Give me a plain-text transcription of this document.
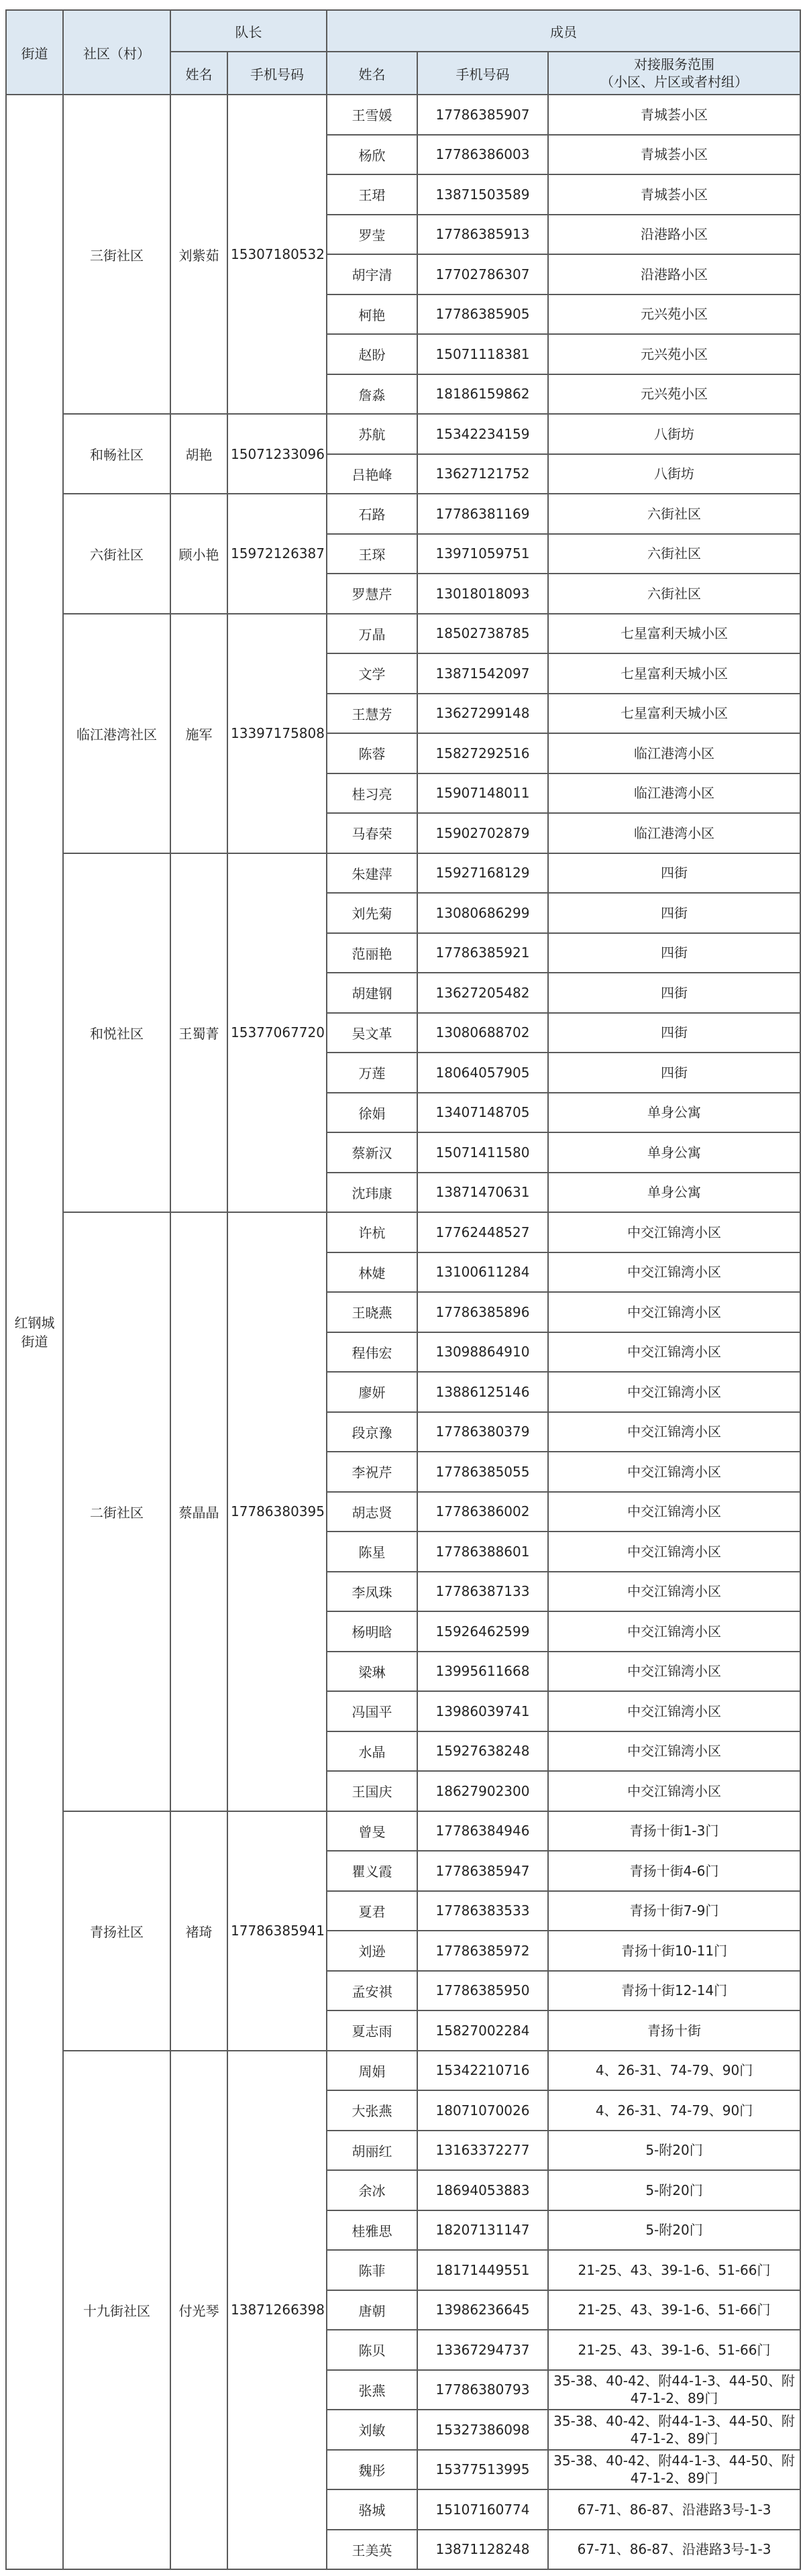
街道	社区（村）	队长		成员		
		姓名	手机号码	姓名	手机号码	对接服务范围
（小区、片区或者村组）
红钢城
街道	三街社区	刘紫茹	15307180532	王雪媛	17786385907	青城荟小区
				杨欣	17786386003	青城荟小区
				王珺	13871503589	青城荟小区
				罗莹	17786385913	沿港路小区
				胡宇清	17702786307	沿港路小区
				柯艳	17786385905	元兴苑小区
				赵盼	15071118381	元兴苑小区
				詹淼	18186159862	元兴苑小区
	和畅社区	胡艳	15071233096	苏航	15342234159	八街坊
				吕艳峰	13627121752	八街坊
	六街社区	顾小艳	15972126387	石路	17786381169	六街社区
				王琛	13971059751	六街社区
				罗慧芹	13018018093	六街社区
	临江港湾社区	施军	13397175808	万晶	18502738785	七星富利天城小区
				文学	13871542097	七星富利天城小区
				王慧芳	13627299148	七星富利天城小区
				陈蓉	15827292516	临江港湾小区
				桂习亮	15907148011	临江港湾小区
				马春荣	15902702879	临江港湾小区
	和悦社区	王蜀菁	15377067720	朱建萍	15927168129	四街
				刘先菊	13080686299	四街
				范丽艳	17786385921	四街
				胡建钢	13627205482	四街
				吴文革	13080688702	四街
				万莲	18064057905	四街
				徐娟	13407148705	单身公寓
				蔡新汉	15071411580	单身公寓
				沈玮康	13871470631	单身公寓
	二街社区	蔡晶晶	17786380395	许杭	17762448527	中交江锦湾小区
				林婕	13100611284	中交江锦湾小区
				王晓燕	17786385896	中交江锦湾小区
				程伟宏	13098864910	中交江锦湾小区
				廖妍	13886125146	中交江锦湾小区
				段京豫	17786380379	中交江锦湾小区
				李祝芹	17786385055	中交江锦湾小区
				胡志贤	17786386002	中交江锦湾小区
				陈星	17786388601	中交江锦湾小区
				李凤珠	17786387133	中交江锦湾小区
				杨明晗	15926462599	中交江锦湾小区
				梁琳	13995611668	中交江锦湾小区
				冯国平	13986039741	中交江锦湾小区
				水晶	15927638248	中交江锦湾小区
				王国庆	18627902300	中交江锦湾小区
	青扬社区	褚琦	17786385941	曾旻	17786384946	青扬十街1-3门
				瞿义霞	17786385947	青扬十街4-6门
				夏君	17786383533	青扬十街7-9门
				刘逊	17786385972	青扬十街10-11门
				孟安祺	17786385950	青扬十街12-14门
				夏志雨	15827002284	青扬十街
	十九街社区	付光琴	13871266398	周娟	15342210716	4、26-31、74-79、90门
				大张燕	18071070026	4、26-31、74-79、90门
				胡丽红	13163372277	5-附20门
				余冰	18694053883	5-附20门
				桂雅思	18207131147	5-附20门
				陈菲	18171449551	21-25、43、39-1-6、51-66门
				唐朝	13986236645	21-25、43、39-1-6、51-66门
				陈贝	13367294737	21-25、43、39-1-6、51-66门
				张燕	17786380793	35-38、40-42、附44-1-3、44-50、附47-1-2、89门
				刘敏	15327386098	35-38、40-42、附44-1-3、44-50、附47-1-2、89门
				魏彤	15377513995	35-38、40-42、附44-1-3、44-50、附47-1-2、89门
				骆城	15107160774	67-71、86-87、沿港路3号-1-3
				王美英	13871128248	67-71、86-87、沿港路3号-1-3
